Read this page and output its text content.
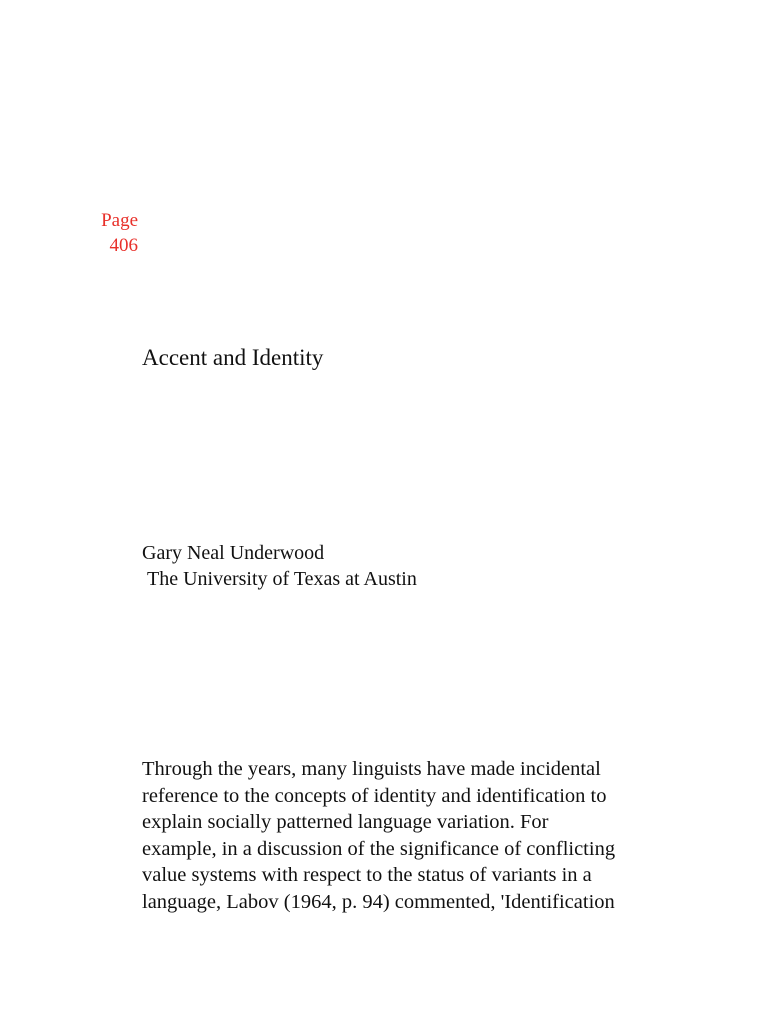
Page
406
Accent and Identity
Gary Neal Underwood
The University of Texas at Austin

Through the years, many linguists have made incidental
reference to the concepts of identity and identification to
explain socially patterned language variation. For
example, in a discussion of the significance of conflicting
value systems with respect to the status of variants in a
language, Labov (1964, p. 94) commented, 'Identification
